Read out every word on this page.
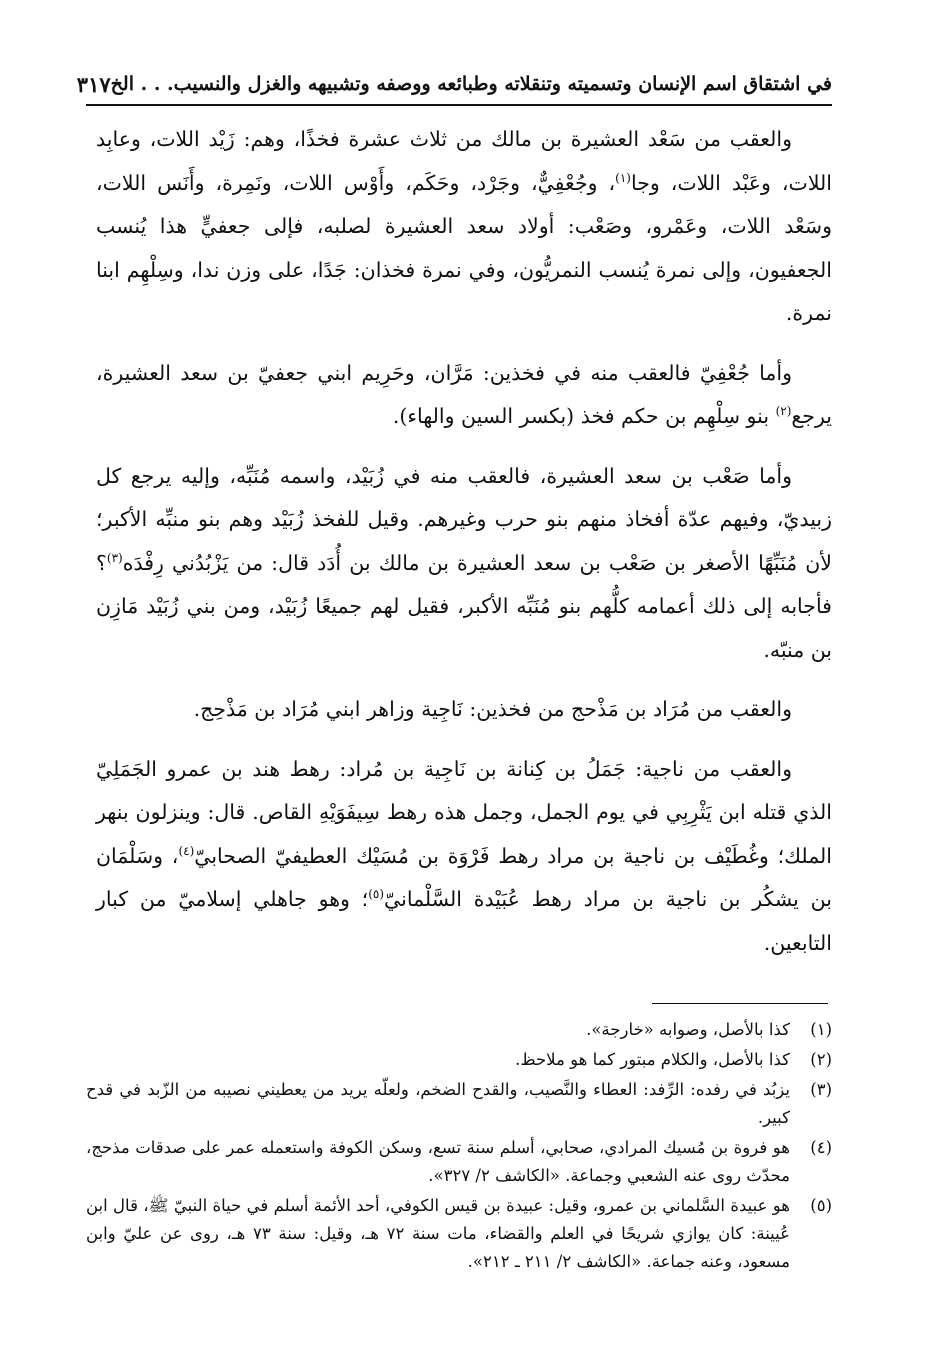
في اشتقاق اسم الإنسان وتسميته وتنقلاته وطبائعه ووصفه وتشبيهه والغزل والنسيب. . . الخ
٣١٧

والعقب من سَعْد العشيرة بن مالك من ثلاث عشرة فخذًا، وهم: زَيْد اللات، وعابِد اللات، وعَبْد اللات، وجا$^{(١)}$، وجُعْفِيٌّ، وجَرْد، وحَكَم، وأَوْس اللات، ونَمِرة، وأَنَس اللات، وسَعْد اللات، وعَمْرو، وصَعْب: أولاد سعد العشيرة لصلبه، فإلى جعفيٍّ هذا يُنسب الجعفيون، وإلى نمرة يُنسب النمريُّون، وفي نمرة فخذان: جَدًا، على وزن ندا، وسِلْهِم ابنا نمرة.

وأما جُعْفِيّ فالعقب منه في فخذين: مَرَّان، وحَرِيم ابني جعفيّ بن سعد العشيرة، يرجع$^{(٢)}$ بنو سِلْهِم بن حكم فخذ (بكسر السين والهاء).

وأما صَعْب بن سعد العشيرة، فالعقب منه في زُبَيْد، واسمه مُنَبِّه، وإليه يرجع كل زبيديّ، وفيهم عدّة أفخاذ منهم بنو حرب وغيرهم. وقيل للفخذ زُبَيْد وهم بنو منبِّه الأكبر؛ لأن مُنَبِّهًا الأصغر بن صَعْب بن سعد العشيرة بن مالك بن أُدَد قال: من يَزْبُدُني رِفْدَه$^{(٣)}$؟ فأجابه إلى ذلك أعمامه كلُّهم بنو مُنَبِّه الأكبر، فقيل لهم جميعًا زُبَيْد، ومن بني زُبَيْد مَازِن بن منبّه.

والعقب من مُرَاد بن مَذْحج من فخذين: نَاجِية وزاهر ابني مُرَاد بن مَذْحِج.

والعقب من ناجية: جَمَلُ بن كِنانة بن نَاجِية بن مُراد: رهط هند بن عمرو الجَمَلِيّ الذي قتله ابن يَثْرِبِي في يوم الجمل، وجمل هذه رهط سِيفَوَيْهِ القاص. قال: وينزلون بنهر الملك؛ وغُطَيْف بن ناجية بن مراد رهط فَرْوَة بن مُسَيْك العطيفيّ الصحابيّ$^{(٤)}$، وسَلْمَان بن يشكُر بن ناجية بن مراد رهط عُبَيْدة السَّلْمانيّ$^{(٥)}$؛ وهو جاهلي إسلاميّ من كبار التابعين.

(١)
كذا بالأصل، وصوابه «خارجة».
(٢)
كذا بالأصل، والكلام مبتور كما هو ملاحظ.
(٣)
يزبُد في رفده: الرِّفد: العطاء والنَّصيب، والقدح الضخم، ولعلّه يريد من يعطيني نصيبه من الزّبد في قدح كبير.
(٤)
هو فروة بن مُسيك المرادي، صحابي، أسلم سنة تسع، وسكن الكوفة واستعمله عمر على صدقات مذحج، محدّث روى عنه الشعبي وجماعة. «الكاشف ٢/ ٣٢٧».
(٥)
هو عبيدة السَّلماني بن عمرو، وقيل: عبيدة بن قيس الكوفي، أحد الأئمة أسلم في حياة النبيّ ﷺ، قال ابن عُيينة: كان يوازي شريحًا في العلم والقضاء، مات سنة ٧٢ هـ، وقيل: سنة ٧٣ هـ، روى عن عليّ وابن مسعود، وعنه جماعة. «الكاشف ٢/ ٢١١ ـ ٢١٢».
